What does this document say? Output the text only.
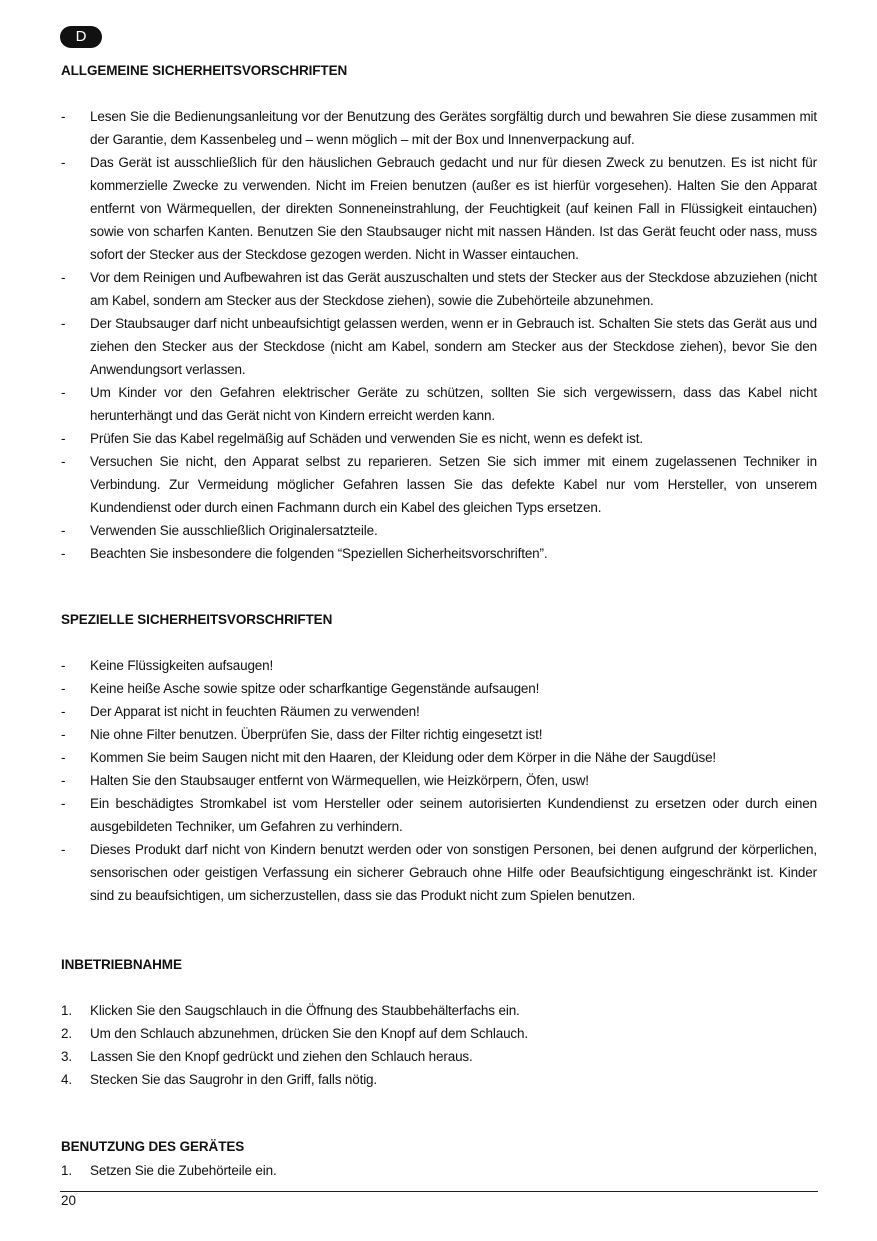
D
ALLGEMEINE SICHERHEITSVORSCHRIFTEN
-	Lesen Sie die Bedienungsanleitung vor der Benutzung des Gerätes sorgfältig durch und bewahren Sie diese zusammen mit der Garantie, dem Kassenbeleg und – wenn möglich – mit der Box und Innenverpackung auf.
-	Das Gerät ist ausschließlich für den häuslichen Gebrauch gedacht und nur für diesen Zweck zu benutzen. Es ist nicht für kommerzielle Zwecke zu verwenden. Nicht im Freien benutzen (außer es ist hierfür vorgesehen). Halten Sie den Apparat entfernt von Wärmequellen, der direkten Sonneneinstrahlung, der Feuchtigkeit (auf keinen Fall in Flüssigkeit eintauchen) sowie von scharfen Kanten. Benutzen Sie den Staubsauger nicht mit nassen Händen. Ist das Gerät feucht oder nass, muss sofort der Stecker aus der Steckdose gezogen werden. Nicht in Wasser eintauchen.
-	Vor dem Reinigen und Aufbewahren ist das Gerät auszuschalten und stets der Stecker aus der Steckdose abzuziehen (nicht am Kabel, sondern am Stecker aus der Steckdose ziehen), sowie die Zubehörteile abzunehmen.
-	Der Staubsauger darf nicht unbeaufsichtigt gelassen werden, wenn er in Gebrauch ist. Schalten Sie stets das Gerät aus und ziehen den Stecker aus der Steckdose (nicht am Kabel, sondern am Stecker aus der Steckdose ziehen), bevor Sie den Anwendungsort verlassen.
-	Um Kinder vor den Gefahren elektrischer Geräte zu schützen, sollten Sie sich vergewissern, dass das Kabel nicht herunterhängt und das Gerät nicht von Kindern erreicht werden kann.
-	Prüfen Sie das Kabel regelmäßig auf Schäden und verwenden Sie es nicht, wenn es defekt ist.
-	Versuchen Sie nicht, den Apparat selbst zu reparieren. Setzen Sie sich immer mit einem zugelassenen Techniker in Verbindung. Zur Vermeidung möglicher Gefahren lassen Sie das defekte Kabel nur vom Hersteller, von unserem Kundendienst oder durch einen Fachmann durch ein Kabel des gleichen Typs ersetzen.
-	Verwenden Sie ausschließlich Originalersatzteile.
-	Beachten Sie insbesondere die folgenden “Speziellen Sicherheitsvorschriften”.
SPEZIELLE SICHERHEITSVORSCHRIFTEN
-	Keine Flüssigkeiten aufsaugen!
-	Keine heiße Asche sowie spitze oder scharfkantige Gegenstände aufsaugen!
-	Der Apparat ist nicht in feuchten Räumen zu verwenden!
-	Nie ohne Filter benutzen. Überprüfen Sie, dass der Filter richtig eingesetzt ist!
-	Kommen Sie beim Saugen nicht mit den Haaren, der Kleidung oder dem Körper in die Nähe der Saugdüse!
-	Halten Sie den Staubsauger entfernt von Wärmequellen, wie Heizkörpern, Öfen, usw!
-	Ein beschädigtes Stromkabel ist vom Hersteller oder seinem autorisierten Kundendienst zu ersetzen oder durch einen ausgebildeten Techniker, um Gefahren zu verhindern.
-	Dieses Produkt darf nicht von Kindern benutzt werden oder von sonstigen Personen, bei denen aufgrund der körperlichen, sensorischen oder geistigen Verfassung ein sicherer Gebrauch ohne Hilfe oder Beaufsichtigung eingeschränkt ist. Kinder sind zu beaufsichtigen, um sicherzustellen, dass sie das Produkt nicht zum Spielen benutzen.
INBETRIEBNAHME
1.	Klicken Sie den Saugschlauch in die Öffnung des Staubbehälterfachs ein.
2.	Um den Schlauch abzunehmen, drücken Sie den Knopf auf dem Schlauch.
3.	Lassen Sie den Knopf gedrückt und ziehen den Schlauch heraus.
4.	Stecken Sie das Saugrohr in den Griff, falls nötig.
BENUTZUNG DES GERÄTES
1.	Setzen Sie die Zubehörteile ein.
20
